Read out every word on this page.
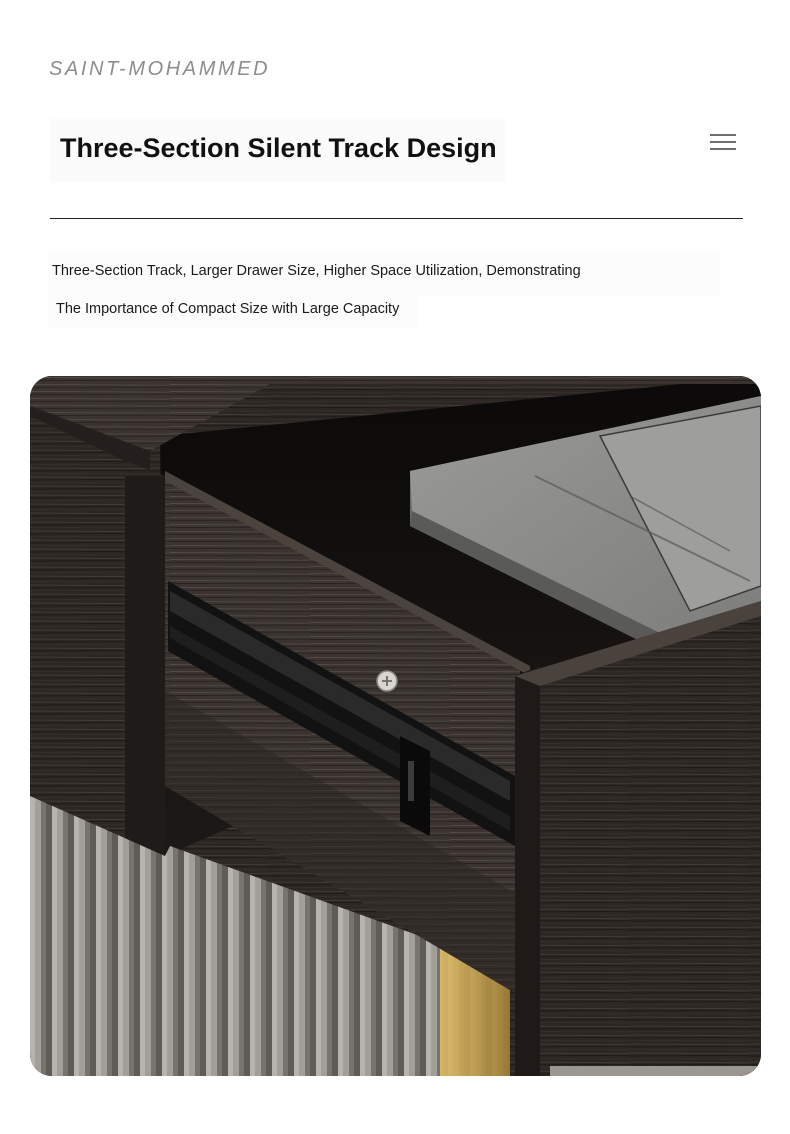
SAINT-MOHAMMED
Three-Section Silent Track Design

Three-Section Track, Larger Drawer Size, Higher Space Utilization, Demonstrating

The Importance of Compact Size with Large Capacity
